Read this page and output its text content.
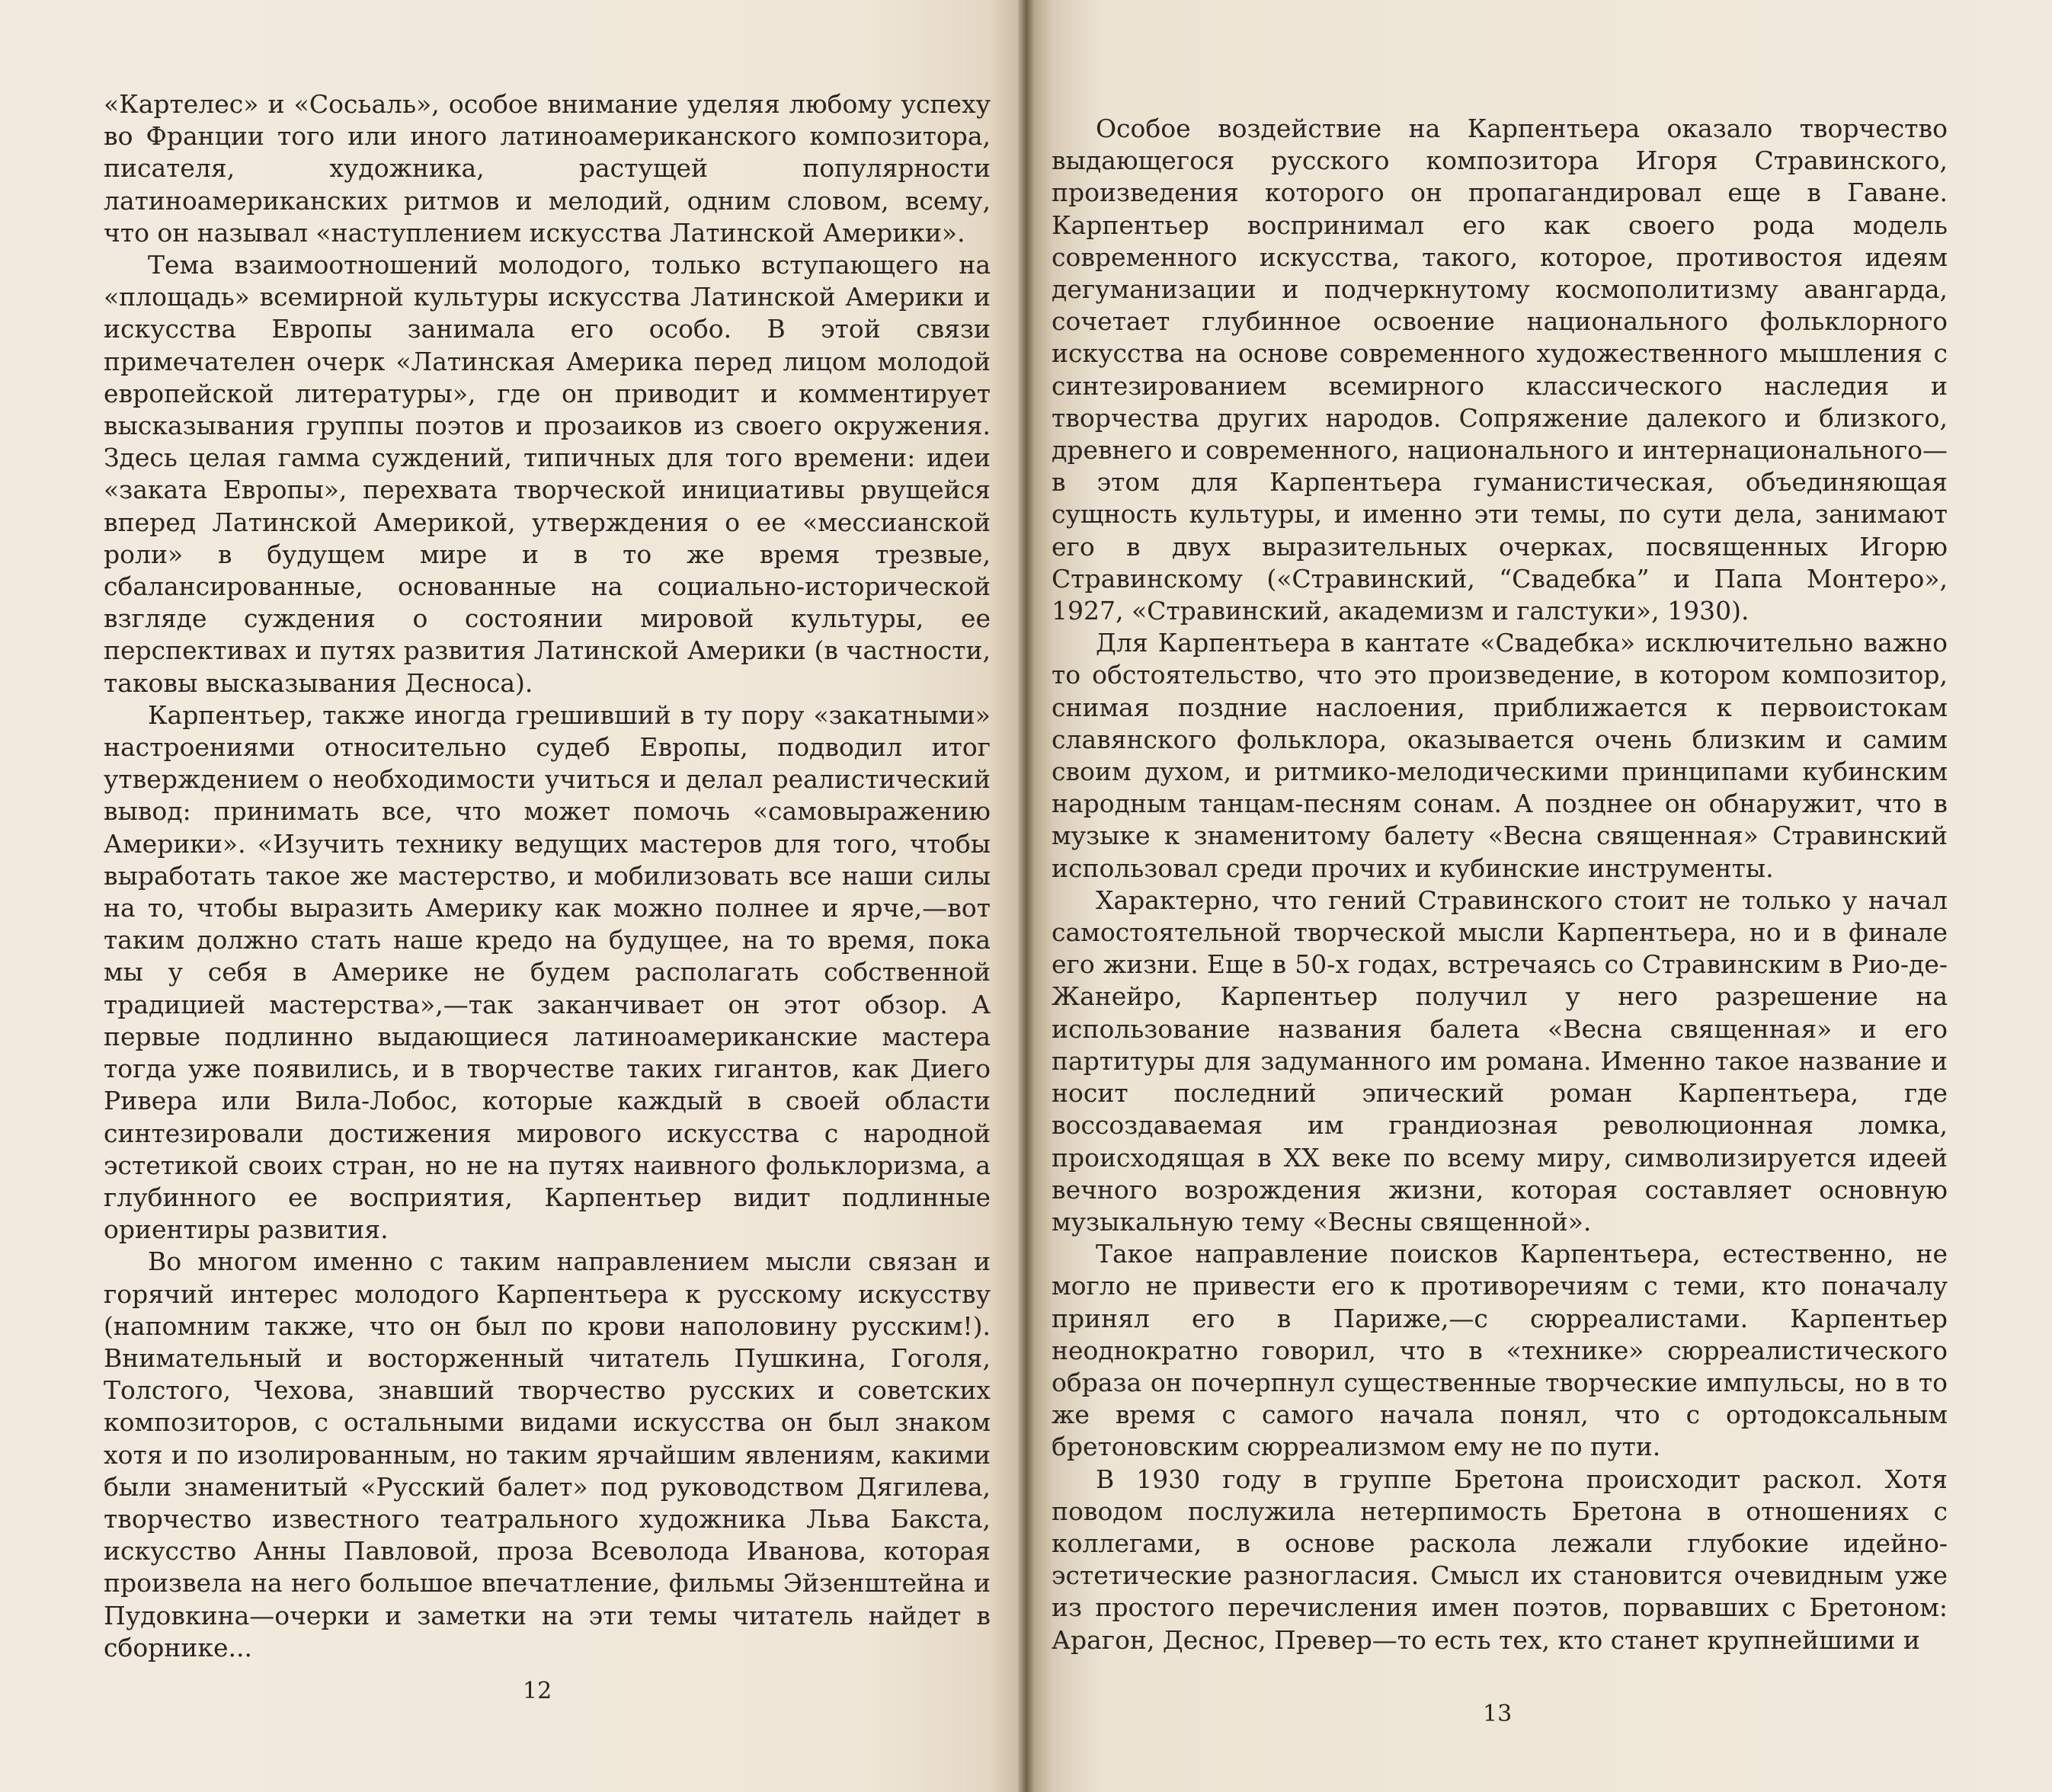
«Картелес» и «Сосьаль», особое внимание уделяя любому успеху во Франции того или иного латиноамериканского композитора, писателя, художника, растущей популярности латиноамериканских ритмов и мелодий, одним словом, всему, что он называл «наступлением искусства Латинской Америки».

Тема взаимоотношений молодого, только вступающего на «площадь» всемирной культуры искусства Латинской Америки и искусства Европы занимала его особо. В этой связи примечателен очерк «Латинская Америка перед лицом молодой европейской литературы», где он приводит и комментирует высказывания группы поэтов и прозаиков из своего окружения. Здесь целая гамма суждений, типичных для того времени: идеи «заката Европы», перехвата творческой инициативы рвущейся вперед Латинской Америкой, утверждения о ее «мессианской роли» в будущем мире и в то же время трезвые, сбалансированные, основанные на социально-исторической взгляде суждения о состоянии мировой культуры, ее перспективах и путях развития Латинской Америки (в частности, таковы высказывания Десноса).

Карпентьер, также иногда грешивший в ту пору «закатными» настроениями относительно судеб Европы, подводил итог утверждением о необходимости учиться и делал реалистический вывод: принимать все, что может помочь «самовыражению Америки». «Изучить технику ведущих мастеров для того, чтобы выработать такое же мастерство, и мобилизовать все наши силы на то, чтобы выразить Америку как можно полнее и ярче,—вот таким должно стать наше кредо на будущее, на то время, пока мы у себя в Америке не будем располагать собственной традицией мастерства»,—так заканчивает он этот обзор. А первые подлинно выдающиеся латиноамериканские мастера тогда уже появились, и в творчестве таких гигантов, как Диего Ривера или Вила-Лобос, которые каждый в своей области синтезировали достижения мирового искусства с народной эстетикой своих стран, но не на путях наивного фольклоризма, а глубинного ее восприятия, Карпентьер видит подлинные ориентиры развития.

Во многом именно с таким направлением мысли связан и горячий интерес молодого Карпентьера к русскому искусству (напомним также, что он был по крови наполовину русским!). Внимательный и восторженный читатель Пушкина, Гоголя, Толстого, Чехова, знавший творчество русских и советских композиторов, с остальными видами искусства он был знаком хотя и по изолированным, но таким ярчайшим явлениям, какими были знаменитый «Русский балет» под руководством Дягилева, творчество известного театрального художника Льва Бакста, искусство Анны Павловой, проза Всеволода Иванова, которая произвела на него большое впечатление, фильмы Эйзенштейна и Пудовкина—очерки и заметки на эти темы читатель найдет в сборнике...

Особое воздействие на Карпентьера оказало творчество выдающегося русского композитора Игоря Стравинского, произведения которого он пропагандировал еще в Гаване. Карпентьер воспринимал его как своего рода модель современного искусства, такого, которое, противостоя идеям дегуманизации и подчеркнутому космополитизму авангарда, сочетает глубинное освоение национального фольклорного искусства на основе современного художественного мышления с синтезированием всемирного классического наследия и творчества других народов. Сопряжение далекого и близкого, древнего и современного, национального и интернационального—в этом для Карпентьера гуманистическая, объединяющая сущность культуры, и именно эти темы, по сути дела, занимают его в двух выразительных очерках, посвященных Игорю Стравинскому («Стравинский, “Свадебка” и Папа Монтеро», 1927, «Стравинский, академизм и галстуки», 1930).

Для Карпентьера в кантате «Свадебка» исключительно важно то обстоятельство, что это произведение, в котором композитор, снимая поздние наслоения, приближается к первоистокам славянского фольклора, оказывается очень близким и самим своим духом, и ритмико-мелодическими принципами кубинским народным танцам-песням сонам. А позднее он обнаружит, что в музыке к знаменитому балету «Весна священная» Стравинский использовал среди прочих и кубинские инструменты.

Характерно, что гений Стравинского стоит не только у начал самостоятельной творческой мысли Карпентьера, но и в финале его жизни. Еще в 50-х годах, встречаясь со Стравинским в Рио-де-Жанейро, Карпентьер получил у него разрешение на использование названия балета «Весна священная» и его партитуры для задуманного им романа. Именно такое название и носит последний эпический роман Карпентьера, где воссоздаваемая им грандиозная революционная ломка, происходящая в XX веке по всему миру, символизируется идеей вечного возрождения жизни, которая составляет основную музыкальную тему «Весны священной».

Такое направление поисков Карпентьера, естественно, не могло не привести его к противоречиям с теми, кто поначалу принял его в Париже,—с сюрреалистами. Карпентьер неоднократно говорил, что в «технике» сюрреалистического образа он почерпнул существенные творческие импульсы, но в то же время с самого начала понял, что с ортодоксальным бретоновским сюрреализмом ему не по пути.

В 1930 году в группе Бретона происходит раскол. Хотя поводом послужила нетерпимость Бретона в отношениях с коллегами, в основе раскола лежали глубокие идейно-эстетические разногласия. Смысл их становится очевидным уже из простого перечисления имен поэтов, порвавших с Бретоном: Арагон, Деснос, Превер—то есть тех, кто станет крупнейшими и

12
13
